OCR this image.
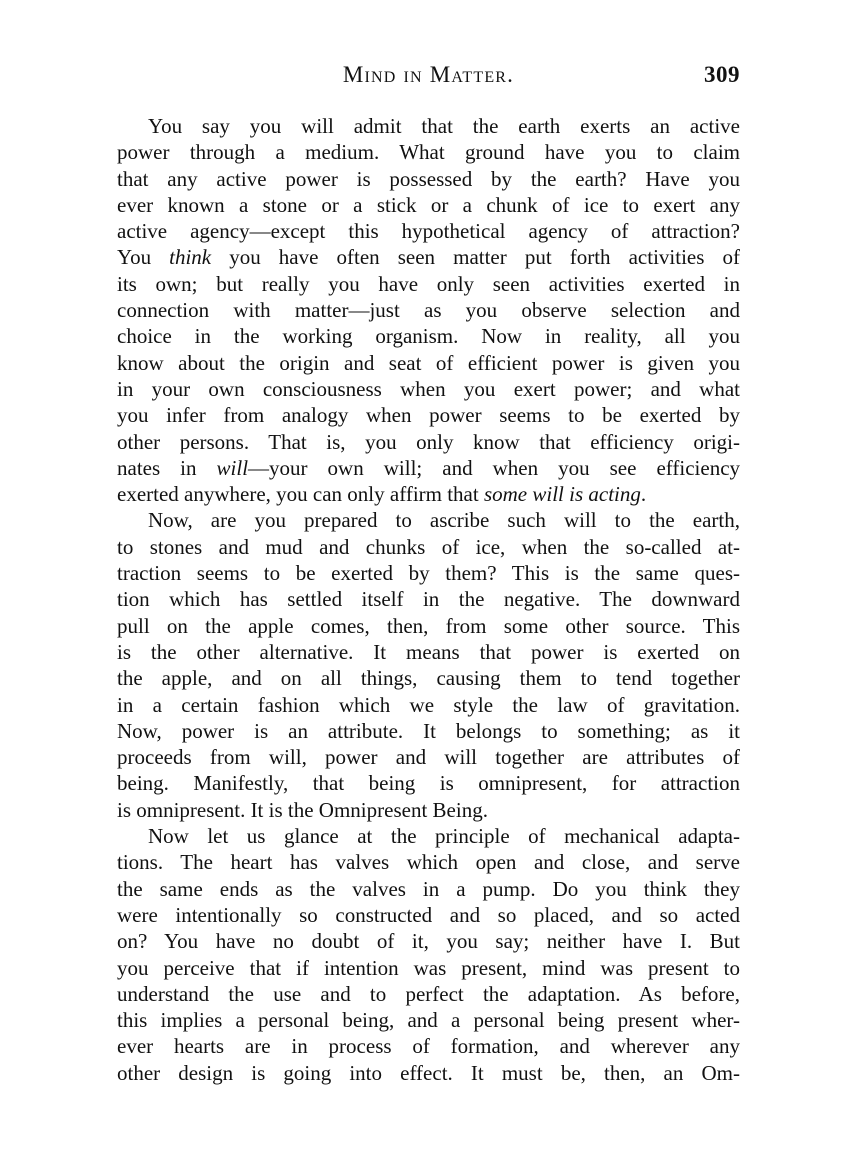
Mind in Matter.	309
You say you will admit that the earth exerts an active
power through a medium. What ground have you to claim
that any active power is possessed by the earth? Have you
ever known a stone or a stick or a chunk of ice to exert any
active agency—except this hypothetical agency of attraction?
You think you have often seen matter put forth activities of
its own; but really you have only seen activities exerted in
connection with matter—just as you observe selection and
choice in the working organism. Now in reality, all you
know about the origin and seat of efficient power is given you
in your own consciousness when you exert power; and what
you infer from analogy when power seems to be exerted by
other persons. That is, you only know that efficiency origi-
nates in will—your own will; and when you see efficiency
exerted anywhere, you can only affirm that some will is acting.
Now, are you prepared to ascribe such will to the earth,
to stones and mud and chunks of ice, when the so-called at-
traction seems to be exerted by them? This is the same ques-
tion which has settled itself in the negative. The downward
pull on the apple comes, then, from some other source. This
is the other alternative. It means that power is exerted on
the apple, and on all things, causing them to tend together
in a certain fashion which we style the law of gravitation.
Now, power is an attribute. It belongs to something; as it
proceeds from will, power and will together are attributes of
being. Manifestly, that being is omnipresent, for attraction
is omnipresent. It is the Omnipresent Being.
Now let us glance at the principle of mechanical adapta-
tions. The heart has valves which open and close, and serve
the same ends as the valves in a pump. Do you think they
were intentionally so constructed and so placed, and so acted
on? You have no doubt of it, you say; neither have I. But
you perceive that if intention was present, mind was present to
understand the use and to perfect the adaptation. As before,
this implies a personal being, and a personal being present wher-
ever hearts are in process of formation, and wherever any
other design is going into effect. It must be, then, an Om-
